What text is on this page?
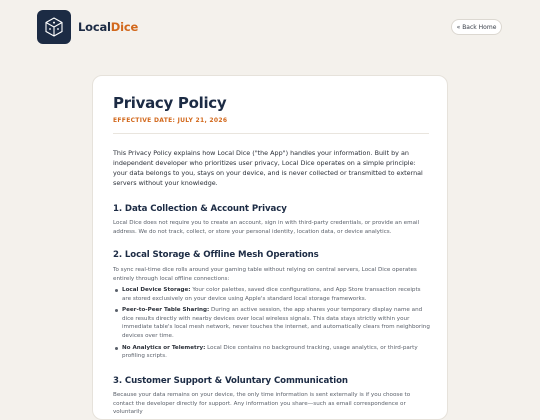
LocalDice	« Back Home
Privacy Policy
EFFECTIVE DATE: JULY 21, 2026
This Privacy Policy explains how Local Dice ("the App") handles your information. Built by an independent developer who prioritizes user privacy, Local Dice operates on a simple principle: your data belongs to you, stays on your device, and is never collected or transmitted to external servers without your knowledge.
1. Data Collection & Account Privacy
Local Dice does not require you to create an account, sign in with third-party credentials, or provide an email address. We do not track, collect, or store your personal identity, location data, or device analytics.
2. Local Storage & Offline Mesh Operations
To sync real-time dice rolls around your gaming table without relying on central servers, Local Dice operates entirely through local offline connections:
Local Device Storage: Your color palettes, saved dice configurations, and App Store transaction receipts are stored exclusively on your device using Apple's standard local storage frameworks.
Peer-to-Peer Table Sharing: During an active session, the app shares your temporary display name and dice results directly with nearby devices over local wireless signals. This data stays strictly within your immediate table's local mesh network, never touches the internet, and automatically clears from neighboring devices over time.
No Analytics or Telemetry: Local Dice contains no background tracking, usage analytics, or third-party profiling scripts.
3. Customer Support & Voluntary Communication
Because your data remains on your device, the only time information is sent externally is if you choose to contact the developer directly for support. Any information you share—such as email correspondence or voluntarily
